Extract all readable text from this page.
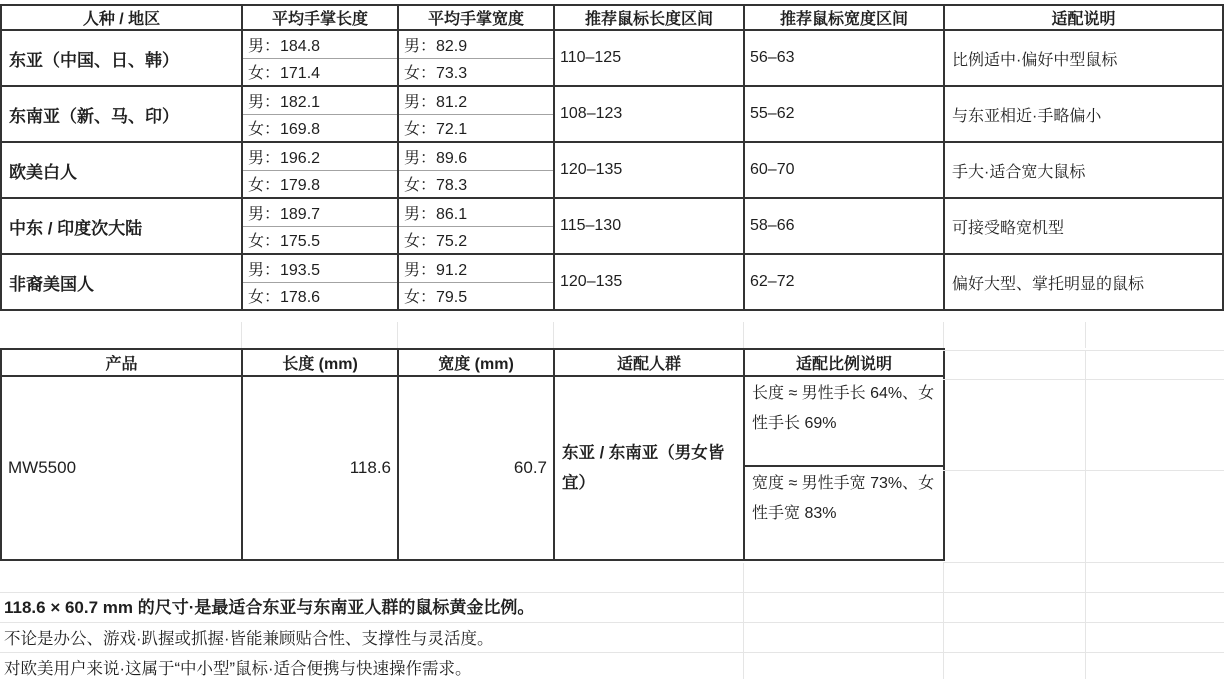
人种 / 地区	平均手掌长度	平均手掌宽度	推荐鼠标长度区间	推荐鼠标宽度区间	适配说明
东亚（中国、日、韩）	男：184.8	男：82.9	110–125	56–63	比例适中·偏好中型鼠标
	女：171.4	女：73.3			
东南亚（新、马、印）	男：182.1	男：81.2	108–123	55–62	与东亚相近·手略偏小
	女：169.8	女：72.1			
欧美白人	男：196.2	男：89.6	120–135	60–70	手大·适合宽大鼠标
	女：179.8	女：78.3			
中东 / 印度次大陆	男：189.7	男：86.1	115–130	58–66	可接受略宽机型
	女：175.5	女：75.2			
非裔美国人	男：193.5	男：91.2	120–135	62–72	偏好大型、掌托明显的鼠标
	女：178.6	女：79.5			
产品	长度 (mm)	宽度 (mm)	适配人群	适配比例说明
MW5500	118.6	60.7	东亚 / 东南亚（男女皆宜）	长度 ≈ 男性手长 64%、女性手长 69%
				宽度 ≈ 男性手宽 73%、女性手宽 83%
118.6 × 60.7 mm 的尺寸·是最适合东亚与东南亚人群的鼠标黄金比例。
不论是办公、游戏·趴握或抓握·皆能兼顾贴合性、支撑性与灵活度。
对欧美用户来说·这属于“中小型”鼠标·适合便携与快速操作需求。
